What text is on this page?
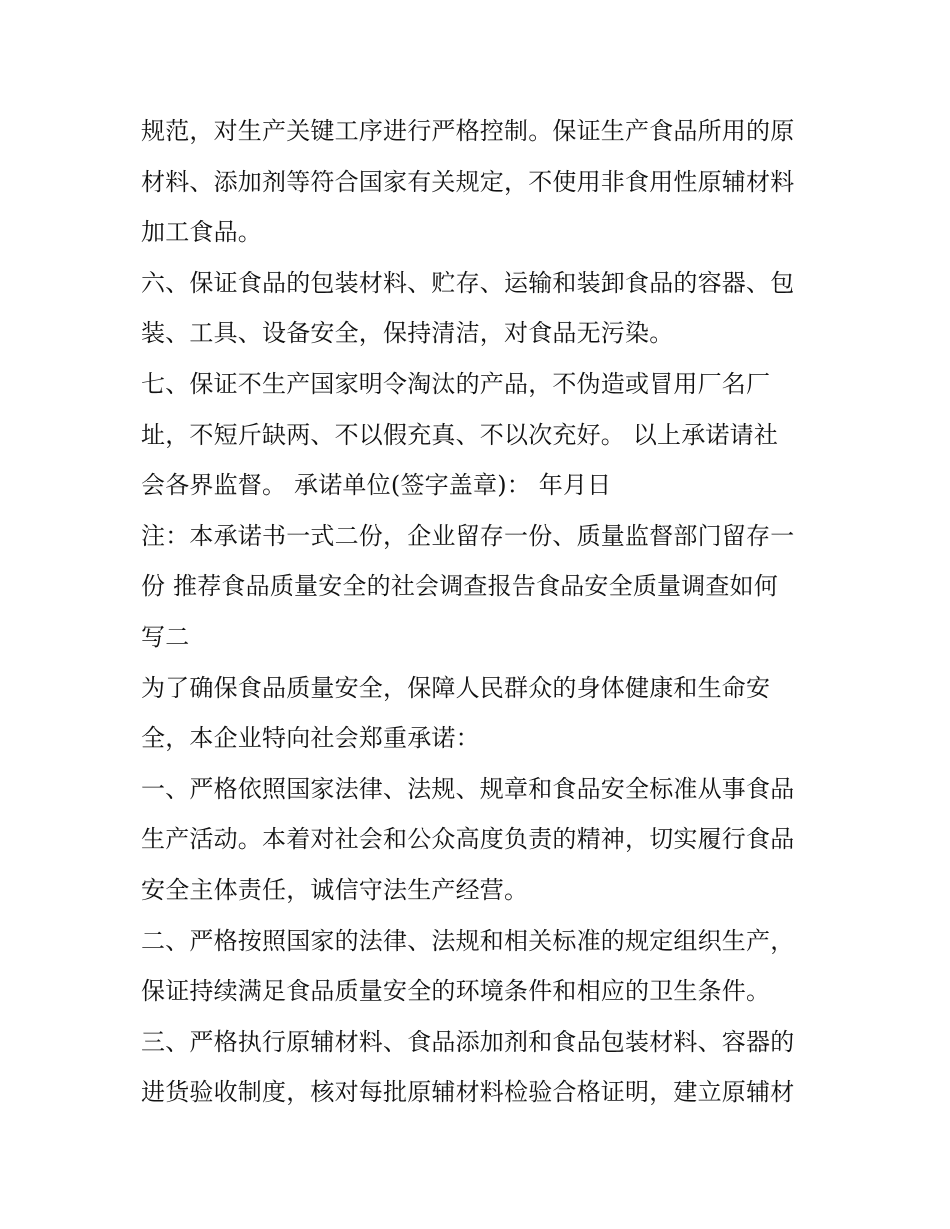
规范，对生产关键工序进行严格控制。保证生产食品所用的原
材料、添加剂等符合国家有关规定，不使用非食用性原辅材料
加工食品。
六、保证食品的包装材料、贮存、运输和装卸食品的容器、包
装、工具、设备安全，保持清洁，对食品无污染。
七、保证不生产国家明令淘汰的产品，不伪造或冒用厂名厂
址，不短斤缺两、不以假充真、不以次充好。 以上承诺请社
会各界监督。 承诺单位(签字盖章)： 年月日
注：本承诺书一式二份，企业留存一份、质量监督部门留存一
份 推荐食品质量安全的社会调查报告食品安全质量调查如何
写二
为了确保食品质量安全，保障人民群众的身体健康和生命安
全，本企业特向社会郑重承诺：
一、严格依照国家法律、法规、规章和食品安全标准从事食品
生产活动。本着对社会和公众高度负责的精神，切实履行食品
安全主体责任，诚信守法生产经营。
二、严格按照国家的法律、法规和相关标准的规定组织生产，
保证持续满足食品质量安全的环境条件和相应的卫生条件。
三、严格执行原辅材料、食品添加剂和食品包装材料、容器的
进货验收制度，核对每批原辅材料检验合格证明，建立原辅材
